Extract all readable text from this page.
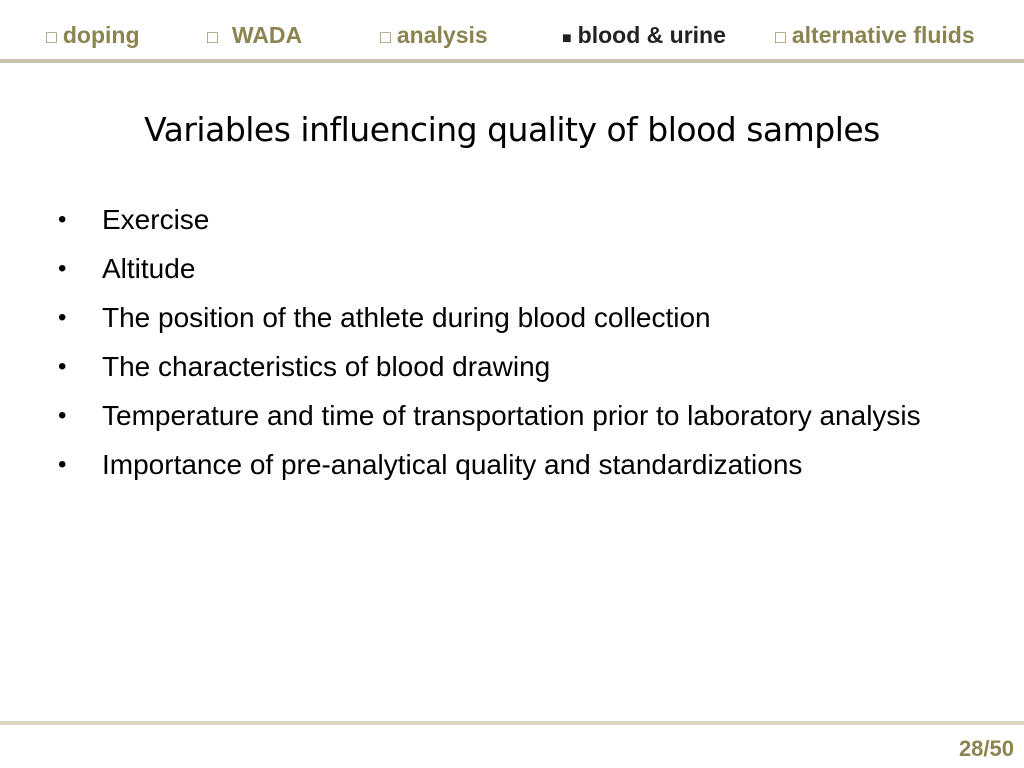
□ doping	□ WADA	□ analysis	■ blood & urine	□ alternative fluids
Variables influencing quality of blood samples
•	Exercise
•	Altitude
•	The position of the athlete during blood collection
•	The characteristics of blood drawing
•	Temperature and time of transportation prior to laboratory analysis
•	Importance of pre-analytical quality and standardizations
28/50
